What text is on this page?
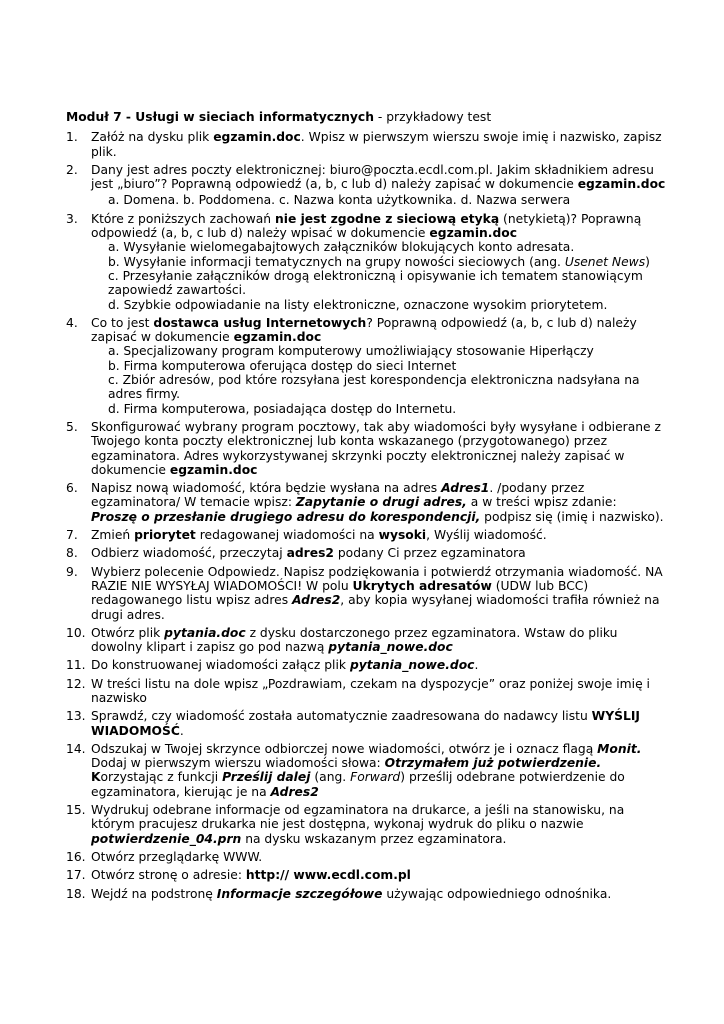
Moduł 7 - Usługi w sieciach informatycznych - przykładowy test
1. Załóż na dysku plik egzamin.doc. Wpisz w pierwszym wierszu swoje imię i nazwisko, zapisz plik.
2. Dany jest adres poczty elektronicznej: biuro@poczta.ecdl.com.pl. Jakim składnikiem adresu jest „biuro”? Poprawną odpowiedź (a, b, c lub d) należy zapisać w dokumencie egzamin.doc
a. Domena. b. Poddomena. c. Nazwa konta użytkownika. d. Nazwa serwera
3. Które z poniższych zachowań nie jest zgodne z sieciową etyką (netykietą)? Poprawną odpowiedź (a, b, c lub d) należy wpisać w dokumencie egzamin.doc
a. Wysyłanie wielomegabajtowych załączników blokujących konto adresata.
b. Wysyłanie informacji tematycznych na grupy nowości sieciowych (ang. Usenet News)
c. Przesyłanie załączników drogą elektroniczną i opisywanie ich tematem stanowiącym zapowiedź zawartości.
d. Szybkie odpowiadanie na listy elektroniczne, oznaczone wysokim priorytetem.
4. Co to jest dostawca usług Internetowych? Poprawną odpowiedź (a, b, c lub d) należy zapisać w dokumencie egzamin.doc
a. Specjalizowany program komputerowy umożliwiający stosowanie Hiperłączy
b. Firma komputerowa oferująca dostęp do sieci Internet
c. Zbiór adresów, pod które rozsyłana jest korespondencja elektroniczna nadsyłana na adres firmy.
d. Firma komputerowa, posiadająca dostęp do Internetu.
5. Skonfigurować wybrany program pocztowy, tak aby wiadomości były wysyłane i odbierane z Twojego konta poczty elektronicznej lub konta wskazanego (przygotowanego) przez egzaminatora. Adres wykorzystywanej skrzynki poczty elektronicznej należy zapisać w dokumencie egzamin.doc
6. Napisz nową wiadomość, która będzie wysłana na adres Adres1. /podany przez egzaminatora/ W temacie wpisz: Zapytanie o drugi adres, a w treści wpisz zdanie: Proszę o przesłanie drugiego adresu do korespondencji, podpisz się (imię i nazwisko).
7. Zmień priorytet redagowanej wiadomości na wysoki, Wyślij wiadomość.
8. Odbierz wiadomość, przeczytaj adres2 podany Ci przez egzaminatora
9. Wybierz polecenie Odpowiedz. Napisz podziękowania i potwierdź otrzymania wiadomość. NA RAZIE NIE WYSYŁAJ WIADOMOŚCI! W polu Ukrytych adresatów (UDW lub BCC) redagowanego listu wpisz adres Adres2, aby kopia wysyłanej wiadomości trafiła również na drugi adres.
10. Otwórz plik pytania.doc z dysku dostarczonego przez egzaminatora. Wstaw do pliku dowolny klipart i zapisz go pod nazwą pytania_nowe.doc
11. Do konstruowanej wiadomości załącz plik pytania_nowe.doc.
12. W treści listu na dole wpisz „Pozdrawiam, czekam na dyspozycje” oraz poniżej swoje imię i nazwisko
13. Sprawdź, czy wiadomość została automatycznie zaadresowana do nadawcy listu WYŚLIJ WIADOMOŚĆ.
14. Odszukaj w Twojej skrzynce odbiorczej nowe wiadomości, otwórz je i oznacz flagą Monit. Dodaj w pierwszym wierszu wiadomości słowa: Otrzymałem już potwierdzenie. Korzystając z funkcji Prześlij dalej (ang. Forward) prześlij odebrane potwierdzenie do egzaminatora, kierując je na Adres2
15. Wydrukuj odebrane informacje od egzaminatora na drukarce, a jeśli na stanowisku, na którym pracujesz drukarka nie jest dostępna, wykonaj wydruk do pliku o nazwie potwierdzenie_04.prn na dysku wskazanym przez egzaminatora.
16. Otwórz przeglądarkę WWW.
17. Otwórz stronę o adresie: http:// www.ecdl.com.pl
18. Wejdź na podstronę Informacje szczegółowe używając odpowiedniego odnośnika.
